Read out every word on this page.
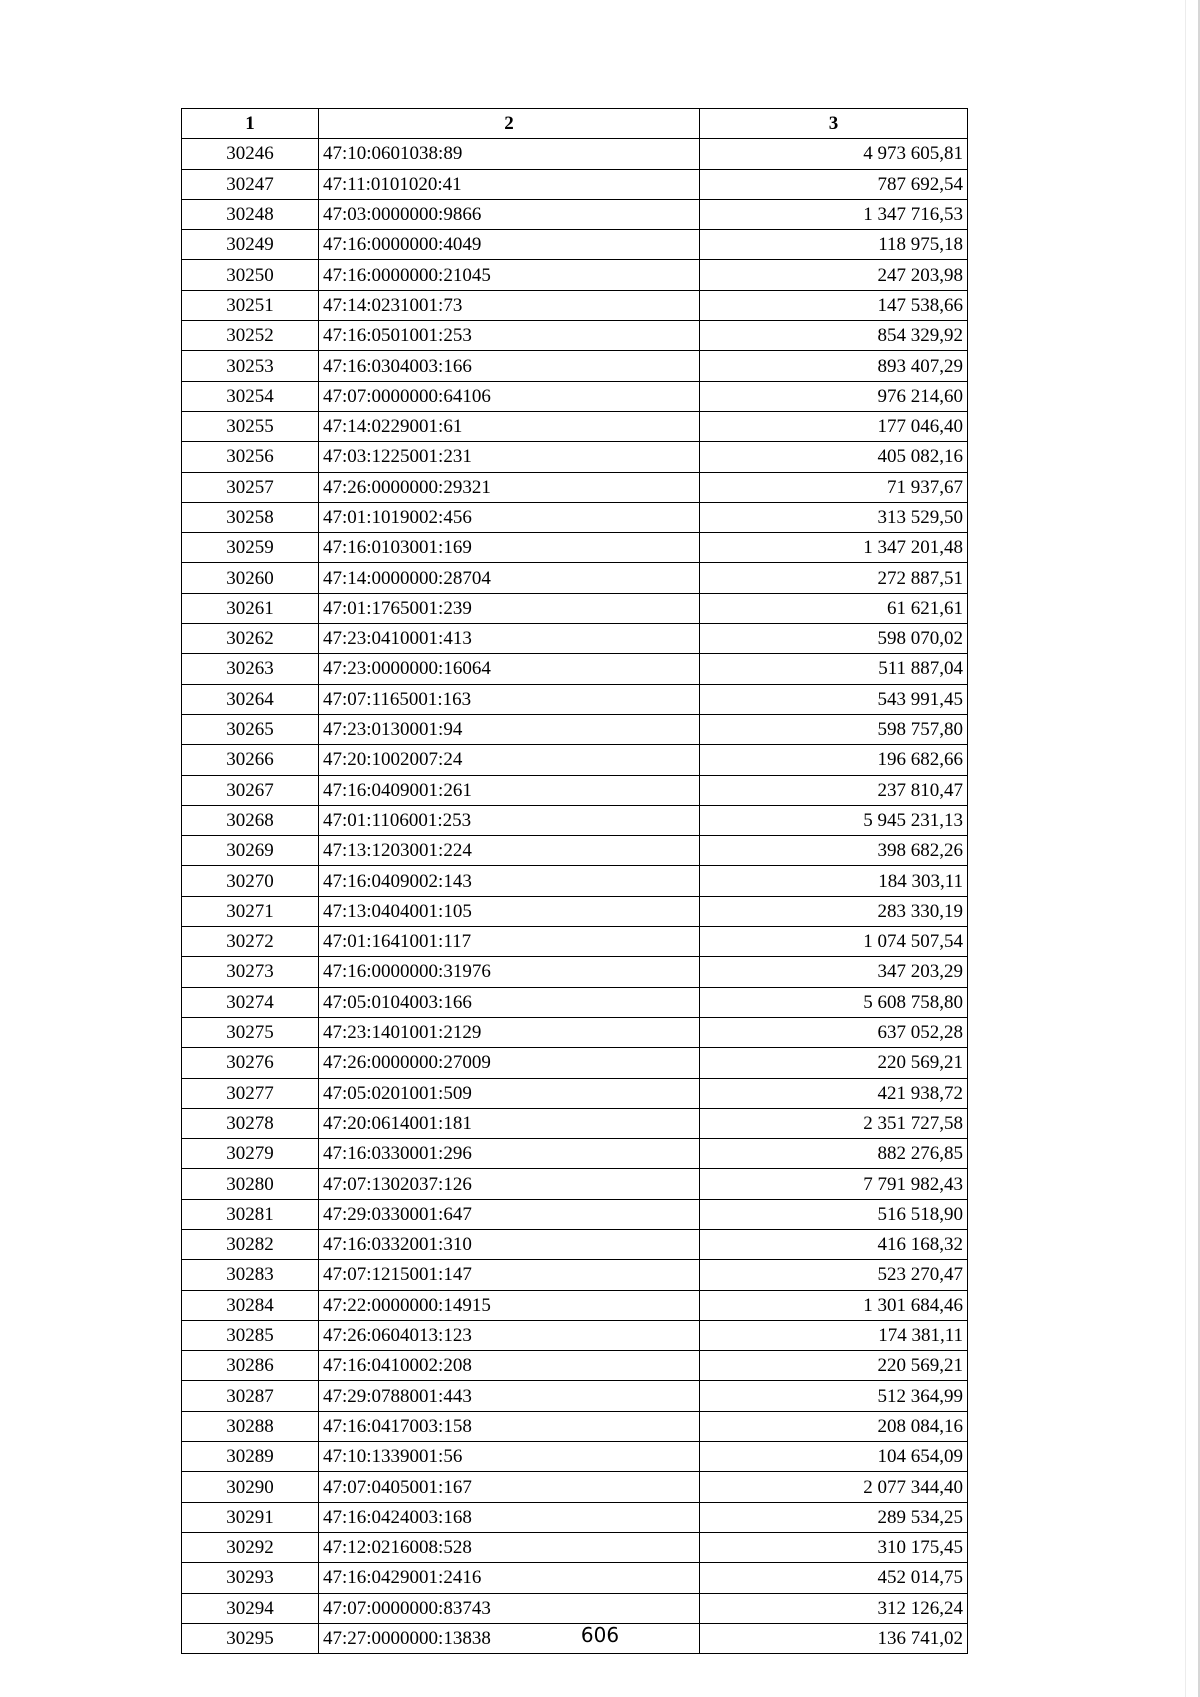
1	2	3
30246	47:10:0601038:89	4 973 605,81
30247	47:11:0101020:41	787 692,54
30248	47:03:0000000:9866	1 347 716,53
30249	47:16:0000000:4049	118 975,18
30250	47:16:0000000:21045	247 203,98
30251	47:14:0231001:73	147 538,66
30252	47:16:0501001:253	854 329,92
30253	47:16:0304003:166	893 407,29
30254	47:07:0000000:64106	976 214,60
30255	47:14:0229001:61	177 046,40
30256	47:03:1225001:231	405 082,16
30257	47:26:0000000:29321	71 937,67
30258	47:01:1019002:456	313 529,50
30259	47:16:0103001:169	1 347 201,48
30260	47:14:0000000:28704	272 887,51
30261	47:01:1765001:239	61 621,61
30262	47:23:0410001:413	598 070,02
30263	47:23:0000000:16064	511 887,04
30264	47:07:1165001:163	543 991,45
30265	47:23:0130001:94	598 757,80
30266	47:20:1002007:24	196 682,66
30267	47:16:0409001:261	237 810,47
30268	47:01:1106001:253	5 945 231,13
30269	47:13:1203001:224	398 682,26
30270	47:16:0409002:143	184 303,11
30271	47:13:0404001:105	283 330,19
30272	47:01:1641001:117	1 074 507,54
30273	47:16:0000000:31976	347 203,29
30274	47:05:0104003:166	5 608 758,80
30275	47:23:1401001:2129	637 052,28
30276	47:26:0000000:27009	220 569,21
30277	47:05:0201001:509	421 938,72
30278	47:20:0614001:181	2 351 727,58
30279	47:16:0330001:296	882 276,85
30280	47:07:1302037:126	7 791 982,43
30281	47:29:0330001:647	516 518,90
30282	47:16:0332001:310	416 168,32
30283	47:07:1215001:147	523 270,47
30284	47:22:0000000:14915	1 301 684,46
30285	47:26:0604013:123	174 381,11
30286	47:16:0410002:208	220 569,21
30287	47:29:0788001:443	512 364,99
30288	47:16:0417003:158	208 084,16
30289	47:10:1339001:56	104 654,09
30290	47:07:0405001:167	2 077 344,40
30291	47:16:0424003:168	289 534,25
30292	47:12:0216008:528	310 175,45
30293	47:16:0429001:2416	452 014,75
30294	47:07:0000000:83743	312 126,24
30295	47:27:0000000:13838	136 741,02
606
